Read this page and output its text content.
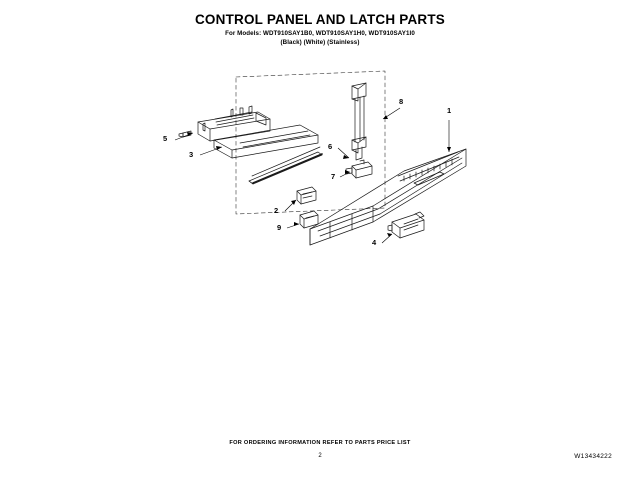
CONTROL PANEL AND LATCH PARTS
For Models: WDT910SAY1B0, WDT910SAY1H0, WDT910SAY1I0
(Black) (White) (Stainless)
1
2
3
4
5
6
7
8
9
FOR ORDERING INFORMATION REFER TO PARTS PRICE LIST
2	W13434222
